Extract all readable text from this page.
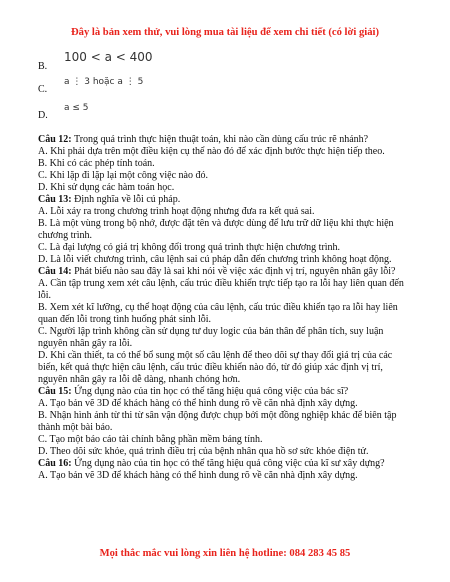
Đây là bản xem thử, vui lòng mua tài liệu để xem chi tiết (có lời giải)
B.
100 < a < 400
C.
a ⋮ 3 hoặc a ⋮ 5
D.
a ≤ 5

Câu 12: Trong quá trình thực hiện thuật toán, khi nào cần dùng cấu trúc rẽ nhánh?

A. Khi phải dựa trên một điều kiện cụ thể nào đó để xác định bước thực hiện tiếp theo.

B. Khi có các phép tính toán.

C. Khi lặp đi lặp lại một công việc nào đó.

D. Khi sử dụng các hàm toán học.

Câu 13: Định nghĩa về lỗi cú pháp.

A. Lỗi xảy ra trong chương trình hoạt động nhưng đưa ra kết quả sai.

B. Là một vùng trong bộ nhớ, được đặt tên và được dùng để lưu trữ dữ liệu khi thực hiện chương trình.

C. Là đại lượng có giá trị không đổi trong quá trình thực hiện chương trình.

D. Là lỗi viết chương trình, câu lệnh sai cú pháp dẫn đến chương trình không hoạt động.

Câu 14: Phát biểu nào sau đây là sai khi nói về việc xác định vị trí, nguyên nhân gây lỗi?

A. Cần tập trung xem xét câu lệnh, cấu trúc điều khiển trực tiếp tạo ra lỗi hay liên quan đến lỗi.

B. Xem xét kĩ lưỡng, cụ thể hoạt động của câu lệnh, cấu trúc điều khiển tạo ra lỗi hay liên quan đến lỗi trong tình huống phát sinh lỗi.

C. Người lập trình không cần sử dụng tư duy logic của bản thân để phân tích, suy luận nguyên nhân gây ra lỗi.

D. Khi cần thiết, ta có thể bổ sung một số câu lệnh để theo dõi sự thay đổi giá trị của các biến, kết quả thực hiện câu lệnh, cấu trúc điều khiển nào đó, từ đó giúp xác định vị trí, nguyên nhân gây ra lỗi dễ dàng, nhanh chóng hơn.

Câu 15: Ứng dụng nào của tin học có thể tăng hiệu quả công việc của bác sĩ?

A. Tạo bản vẽ 3D để khách hàng có thể hình dung rõ về căn nhà định xây dựng.

B. Nhận hình ảnh từ thi từ sân vận động được chụp bởi một đồng nghiệp khác để biên tập thành một bài báo.

C. Tạo một báo cáo tài chính bằng phần mềm bảng tính.

D. Theo dõi sức khỏe, quá trình điều trị của bệnh nhân qua hồ sơ sức khỏe điện tử.

Câu 16: Ứng dụng nào của tin học có thể tăng hiệu quả công việc của kĩ sư xây dựng?

A. Tạo bản vẽ 3D để khách hàng có thể hình dung rõ về căn nhà định xây dựng.

Mọi thắc mắc vui lòng xin liên hệ hotline: 084 283 45 85
